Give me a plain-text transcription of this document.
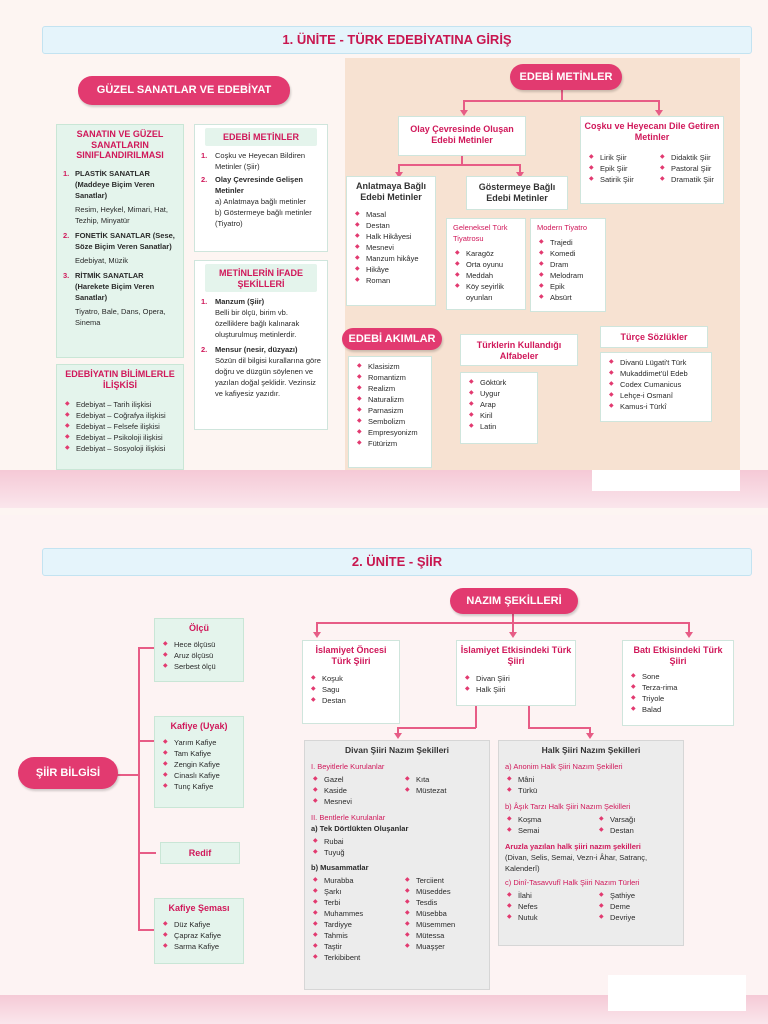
1. ÜNİTE - TÜRK EDEBİYATINA GİRİŞ
GÜZEL SANATLAR VE EDEBİYAT
SANATIN VE GÜZEL SANATLARIN SINIFLANDIRILMASI
1. PLASTİK SANATLAR (Maddeye Biçim Veren Sanatlar)
Resim, Heykel, Mimari, Hat, Tezhip, Minyatür
2. FONETİK SANATLAR (Sese, Söze Biçim Veren Sanatlar)
Edebiyat, Müzik
3. RİTMİK SANATLAR (Harekete Biçim Veren Sanatlar)
Tiyatro, Bale, Dans, Opera, Sinema
EDEBİYATIN BİLİMLERLE İLİŞKİSİ
◆ Edebiyat – Tarih ilişkisi
◆ Edebiyat – Coğrafya ilişkisi
◆ Edebiyat – Felsefe ilişkisi
◆ Edebiyat – Psikoloji ilişkisi
◆ Edebiyat – Sosyoloji ilişkisi
EDEBİ METİNLER
1.	Coşku ve Heyecan Bildiren Metinler (Şiir)
2.	Olay Çevresinde Gelişen Metinler
a) Anlatmaya bağlı metinler
b) Göstermeye bağlı metinler (Tiyatro)
METİNLERİN İFADE ŞEKİLLERİ
1.	Manzum (Şiir)
Belli bir ölçü, birim vb. özelliklere bağlı kalınarak oluşturulmuş metinlerdir.
2.	Mensur (nesir, düzyazı)
Sözün dil bilgisi kurallarına göre doğru ve düzgün söylenen ve yazılan doğal şeklidir. Vezinsiz ve kafiyesiz yazıdır.
EDEBİ METİNLER
Olay Çevresinde Oluşan Edebi Metinler
Coşku ve Heyecanı Dile Getiren Metinler
◆ Lirik Şiir
◆ Epik Şiir
◆ Satirik Şiir
◆ Didaktik Şiir
◆ Pastoral Şiir
◆ Dramatik Şiir
Anlatmaya Bağlı Edebi Metinler
◆ Masal
◆ Destan
◆ Halk Hikâyesi
◆ Mesnevi
◆ Manzum hikâye
◆ Hikâye
◆ Roman
Göstermeye Bağlı Edebi Metinler
Geleneksel Türk Tiyatrosu
◆ Karagöz
◆ Orta oyunu
◆ Meddah
◆ Köy seyirlik oyunları
Modern Tiyatro
◆ Trajedi
◆ Komedi
◆ Dram
◆ Melodram
◆ Epik
◆ Absürt
EDEBİ AKIMLAR
◆ Klasisizm
◆ Romantizm
◆ Realizm
◆ Naturalizm
◆ Parnasizm
◆ Sembolizm
◆ Empresyonizm
◆ Fütürizm
Türklerin Kullandığı Alfabeler
◆ Göktürk
◆ Uygur
◆ Arap
◆ Kiril
◆ Latin
Türçe Sözlükler
◆ Divanü Lügati't Türk
◆ Mukaddimet'ül Edeb
◆ Codex Cumanicus
◆ Lehçe-i Osmanî
◆ Kamus-i Türkî
2. ÜNİTE - ŞİİR
ŞİİR BİLGİSİ
Ölçü
◆ Hece ölçüsü
◆ Aruz ölçüsü
◆ Serbest ölçü
Kafiye (Uyak)
◆ Yarım Kafiye
◆ Tam Kafiye
◆ Zengin Kafiye
◆ Cinaslı Kafiye
◆ Tunç Kafiye
Redif
Kafiye Şeması
◆ Düz Kafiye
◆ Çapraz Kafiye
◆ Sarma Kafiye
NAZIM ŞEKİLLERİ
İslamiyet Öncesi Türk Şiiri
◆ Koşuk
◆ Sagu
◆ Destan
İslamiyet Etkisindeki Türk Şiiri
◆ Divan Şiiri
◆ Halk Şiiri
Batı Etkisindeki Türk Şiiri
◆ Sone
◆ Terza-rima
◆ Triyole
◆ Balad
Divan Şiiri Nazım Şekilleri
I. Beyitlerle Kurulanlar
◆ Gazel
◆ Kaside
◆ Mesnevi
◆ Kıta
◆ Müstezat
II. Bentlerle Kurulanlar
a) Tek Dörtlükten Oluşanlar
◆ Rubai
◆ Tuyuğ
b) Musammatlar
◆ Murabba
◆ Şarkı
◆ Terbi
◆ Muhammes
◆ Tardiyye
◆ Tahmis
◆ Taştir
◆ Terkibibent
◆ Terciient
◆ Müseddes
◆ Tesdis
◆ Müsebba
◆ Müsemmen
◆ Mütessa
◆ Muaşşer
Halk Şiiri Nazım Şekilleri
a) Anonim Halk Şiiri Nazım Şekilleri
◆ Mâni
◆ Türkü
b) Âşık Tarzı Halk Şiiri Nazım Şekilleri
◆ Koşma
◆ Semai
◆ Varsağı
◆ Destan
Aruzla yazılan halk şiiri nazım şekilleri
(Divan, Selis, Semai, Vezn-i Âhar, Satranç, Kalenderî)
c) Dinî-Tasavvufî Halk Şiiri Nazım Türleri
◆ İlahi
◆ Nefes
◆ Nutuk
◆ Şathiye
◆ Deme
◆ Devriye
